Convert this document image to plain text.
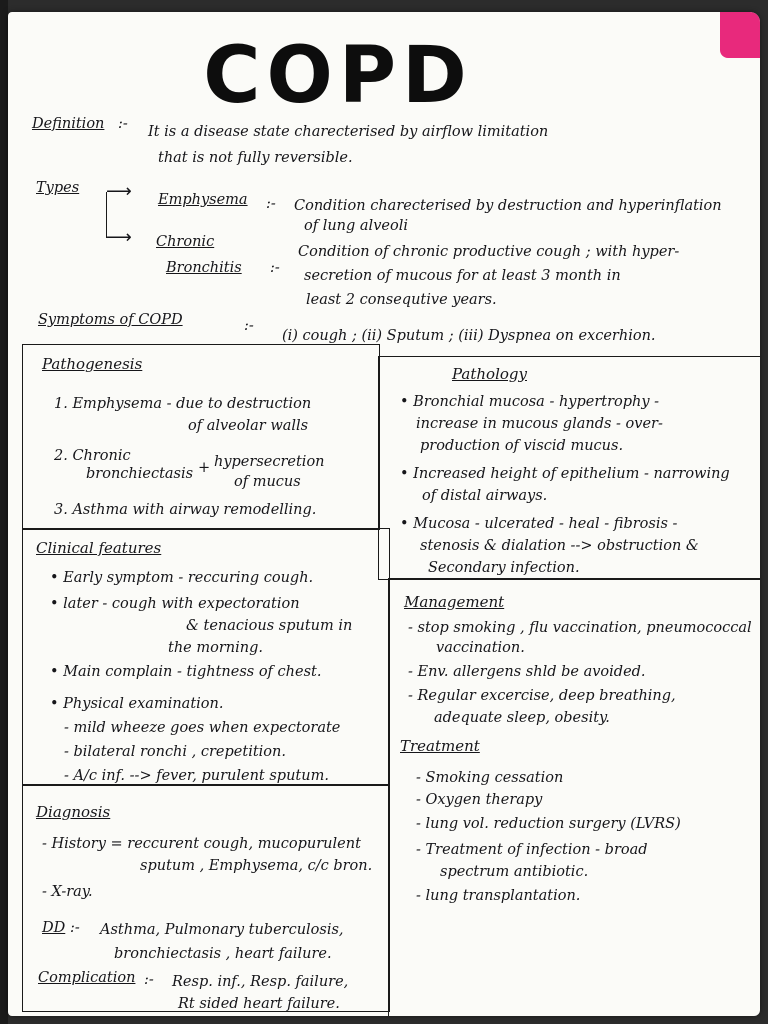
COPD
Definition :- It is a disease state charecterised by airflow limitation
that is not fully reversible.
Types ⟶
⟶
Emphysema :- Condition charecterised by destruction and hyperinflation
of lung alveoli
Chronic
Bronchitis :-
Condition of chronic productive cough ; with hyper-
secretion of mucous for at least 3 month in
least 2 consequtive years.
Symptoms of COPD	:-
(i) cough ; (ii) Sputum ; (iii) Dyspnea on excerhion.
Pathogenesis
1. Emphysema - due to destruction
of alveolar walls
2. Chronic
bronchiectasis + hypersecretion
of mucus
3. Asthma with airway remodelling.
Pathology
• Bronchial mucosa - hypertrophy -
increase in mucous glands - over-
production of viscid mucus.
• Increased height of epithelium - narrowing
of distal airways.
• Mucosa - ulcerated - heal - fibrosis -
stenosis & dialation --> obstruction &
Secondary infection.
Clinical features
• Early symptom - reccuring cough.
• later - cough with expectoration
& tenacious sputum in
the morning.
• Main complain - tightness of chest.
• Physical examination.
- mild wheeze goes when expectorate
- bilateral ronchi , crepetition.
- A/c inf. --> fever, purulent sputum.
Management
- stop smoking , flu vaccination, pneumococcal
vaccination.
- Env. allergens shld be avoided.
- Regular excercise, deep breathing,
adequate sleep, obesity.
Treatment
- Smoking cessation
- Oxygen therapy
- lung vol. reduction surgery (LVRS)
- Treatment of infection - broad
spectrum antibiotic.
- lung transplantation.
Diagnosis
- History = reccurent cough, mucopurulent
sputum , Emphysema, c/c bron.
- X-ray.
DD :- Asthma, Pulmonary tuberculosis,
bronchiectasis , heart failure.
Complication :- Resp. inf., Resp. failure,
Rt sided heart failure.
